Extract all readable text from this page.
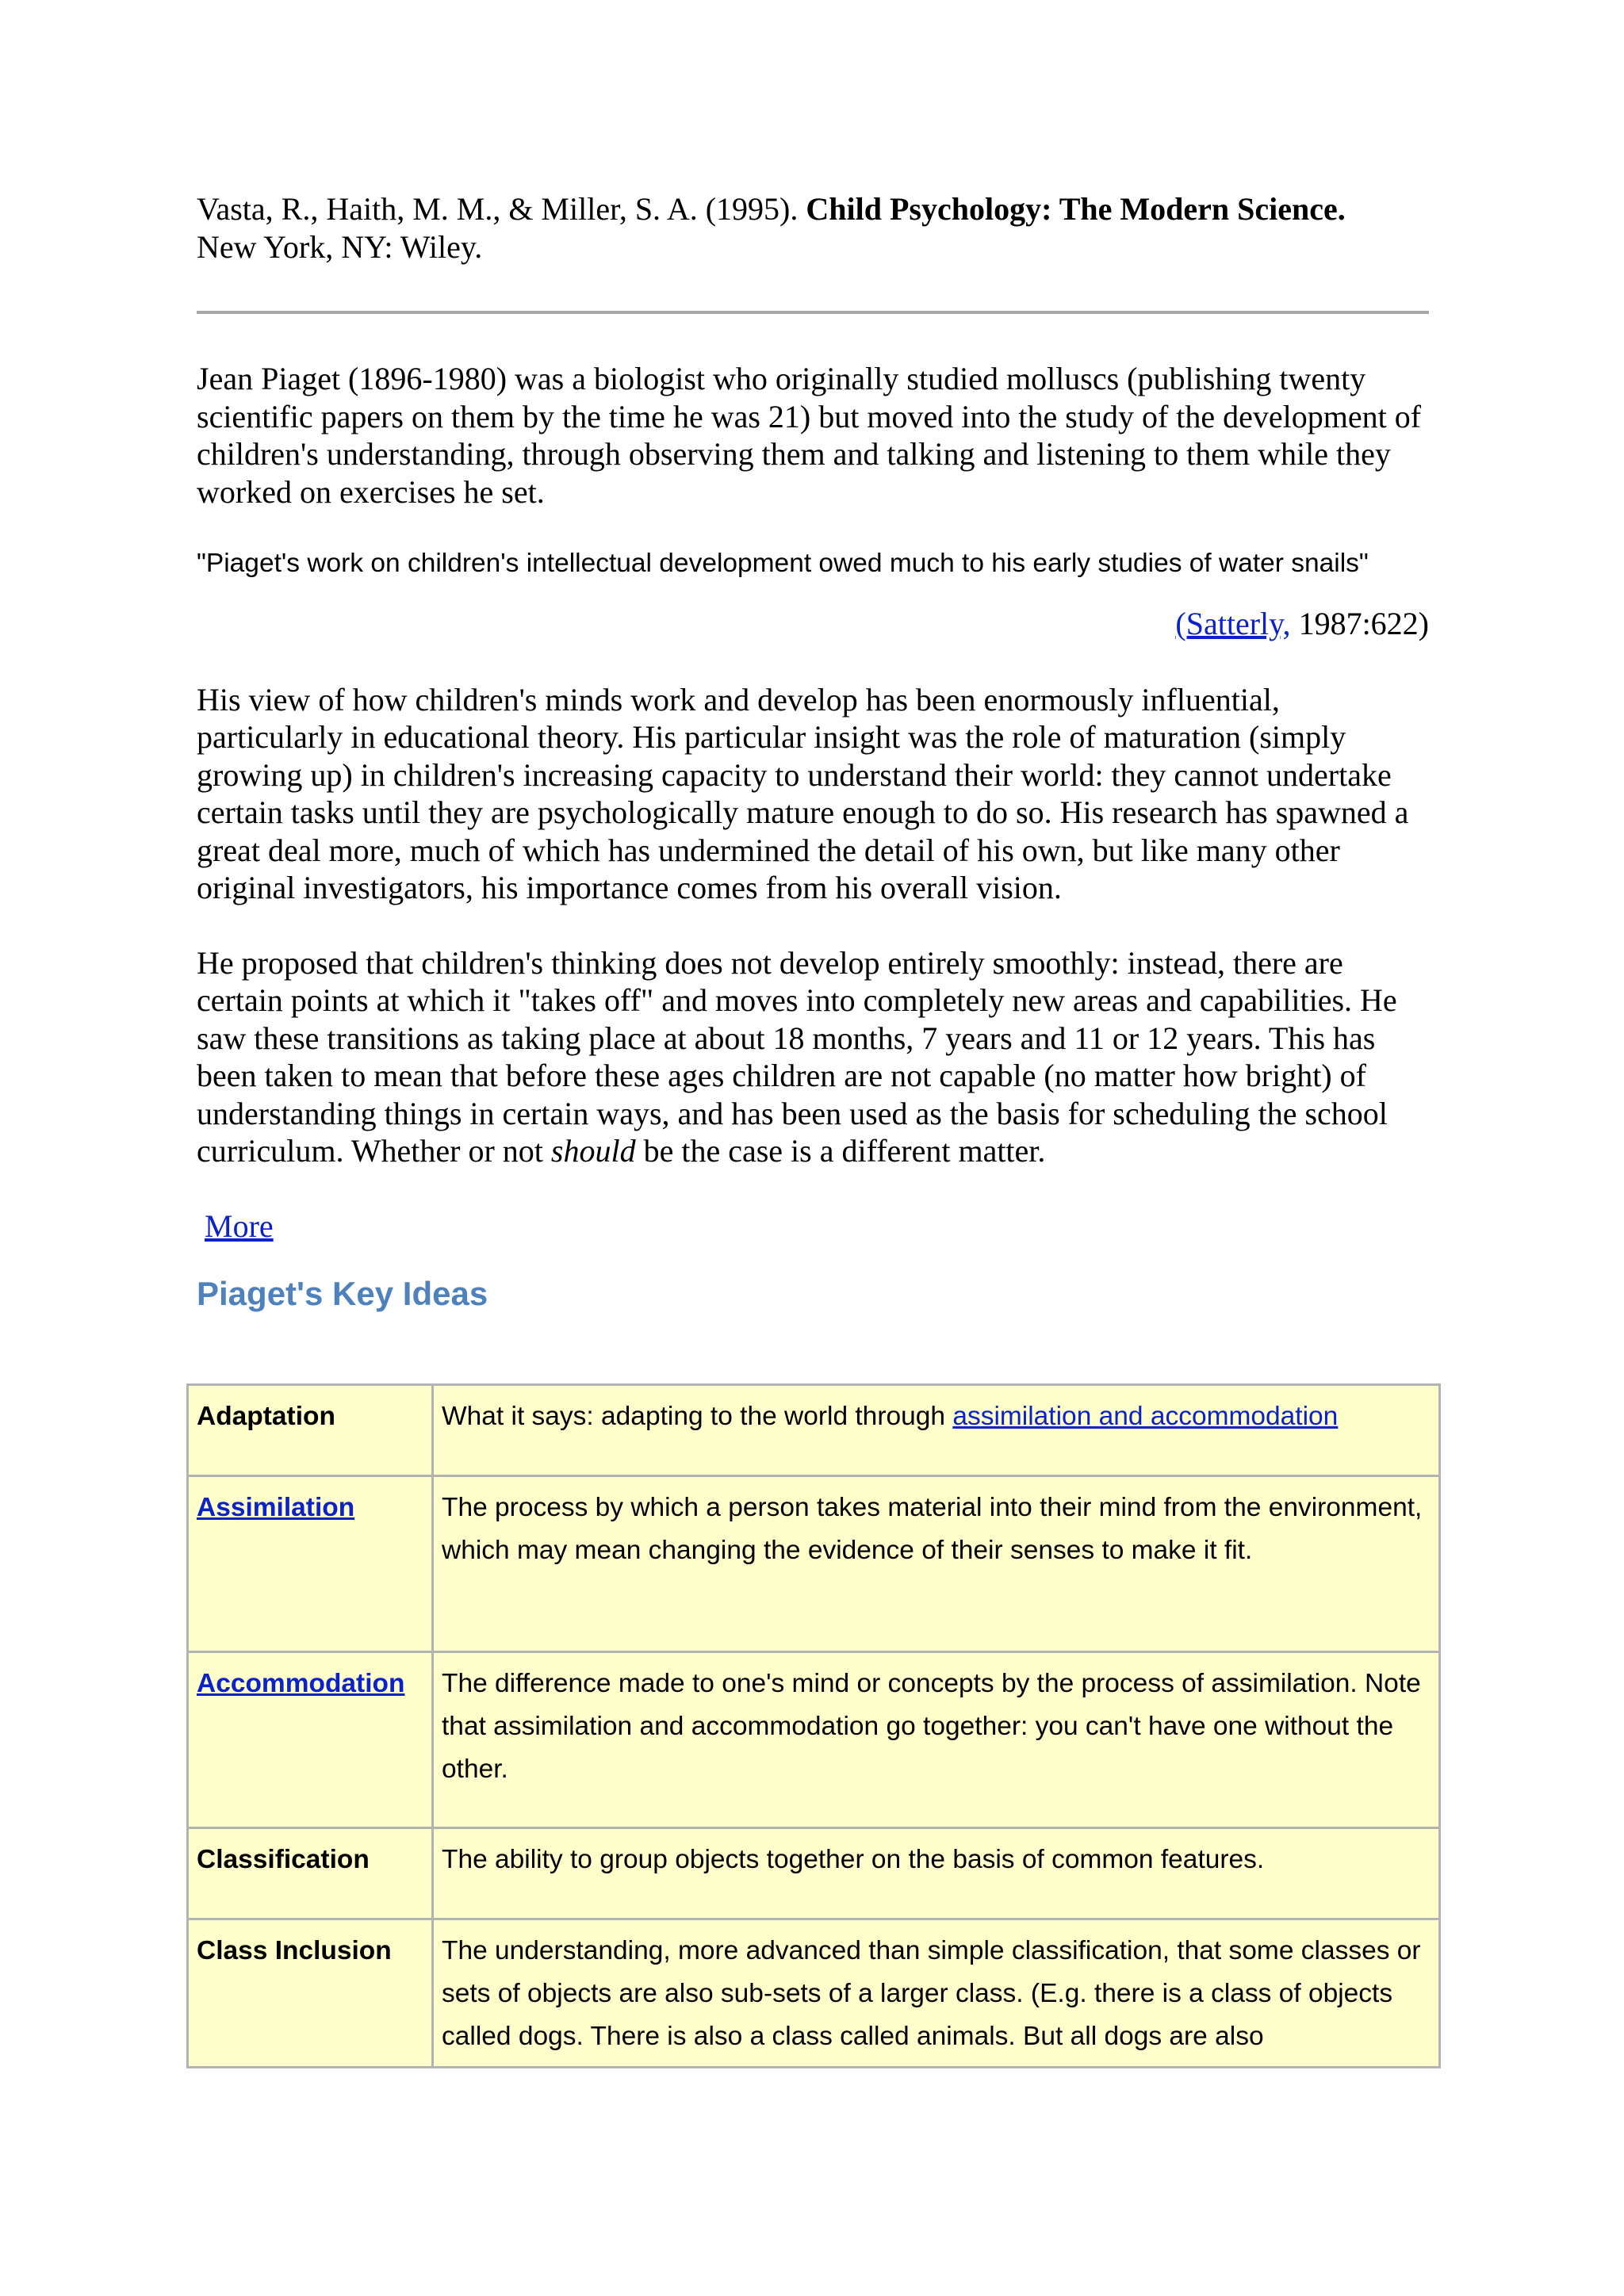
Vasta, R., Haith, M. M., & Miller, S. A. (1995). Child Psychology: The Modern Science.
New York, NY: Wiley.

Jean Piaget (1896-1980) was a biologist who originally studied molluscs (publishing twenty scientific papers on them by the time he was 21) but moved into the study of the development of children's understanding, through observing them and talking and listening to them while they worked on exercises he set.

"Piaget's work on children's intellectual development owed much to his early studies of water snails"

(Satterly, 1987:622)

His view of how children's minds work and develop has been enormously influential, particularly in educational theory. His particular insight was the role of maturation (simply growing up) in children's increasing capacity to understand their world: they cannot undertake certain tasks until they are psychologically mature enough to do so. His research has spawned a great deal more, much of which has undermined the detail of his own, but like many other original investigators, his importance comes from his overall vision.

He proposed that children's thinking does not develop entirely smoothly: instead, there are certain points at which it "takes off" and moves into completely new areas and capabilities. He saw these transitions as taking place at about 18 months, 7 years and 11 or 12 years. This has been taken to mean that before these ages children are not capable (no matter how bright) of understanding things in certain ways, and has been used as the basis for scheduling the school curriculum. Whether or not should be the case is a different matter.

More

Piaget's Key Ideas
Adaptation	What it says: adapting to the world through assimilation and accommodation
Assimilation	The process by which a person takes material into their mind from the environment, which may mean changing the evidence of their senses to make it fit.
Accommodation	The difference made to one's mind or concepts by the process of assimilation. Note that assimilation and accommodation go together: you can't have one without the other.
Classification	The ability to group objects together on the basis of common features.
Class Inclusion	The understanding, more advanced than simple classification, that some classes or sets of objects are also sub-sets of a larger class. (E.g. there is a class of objects called dogs. There is also a class called animals. But all dogs are also
